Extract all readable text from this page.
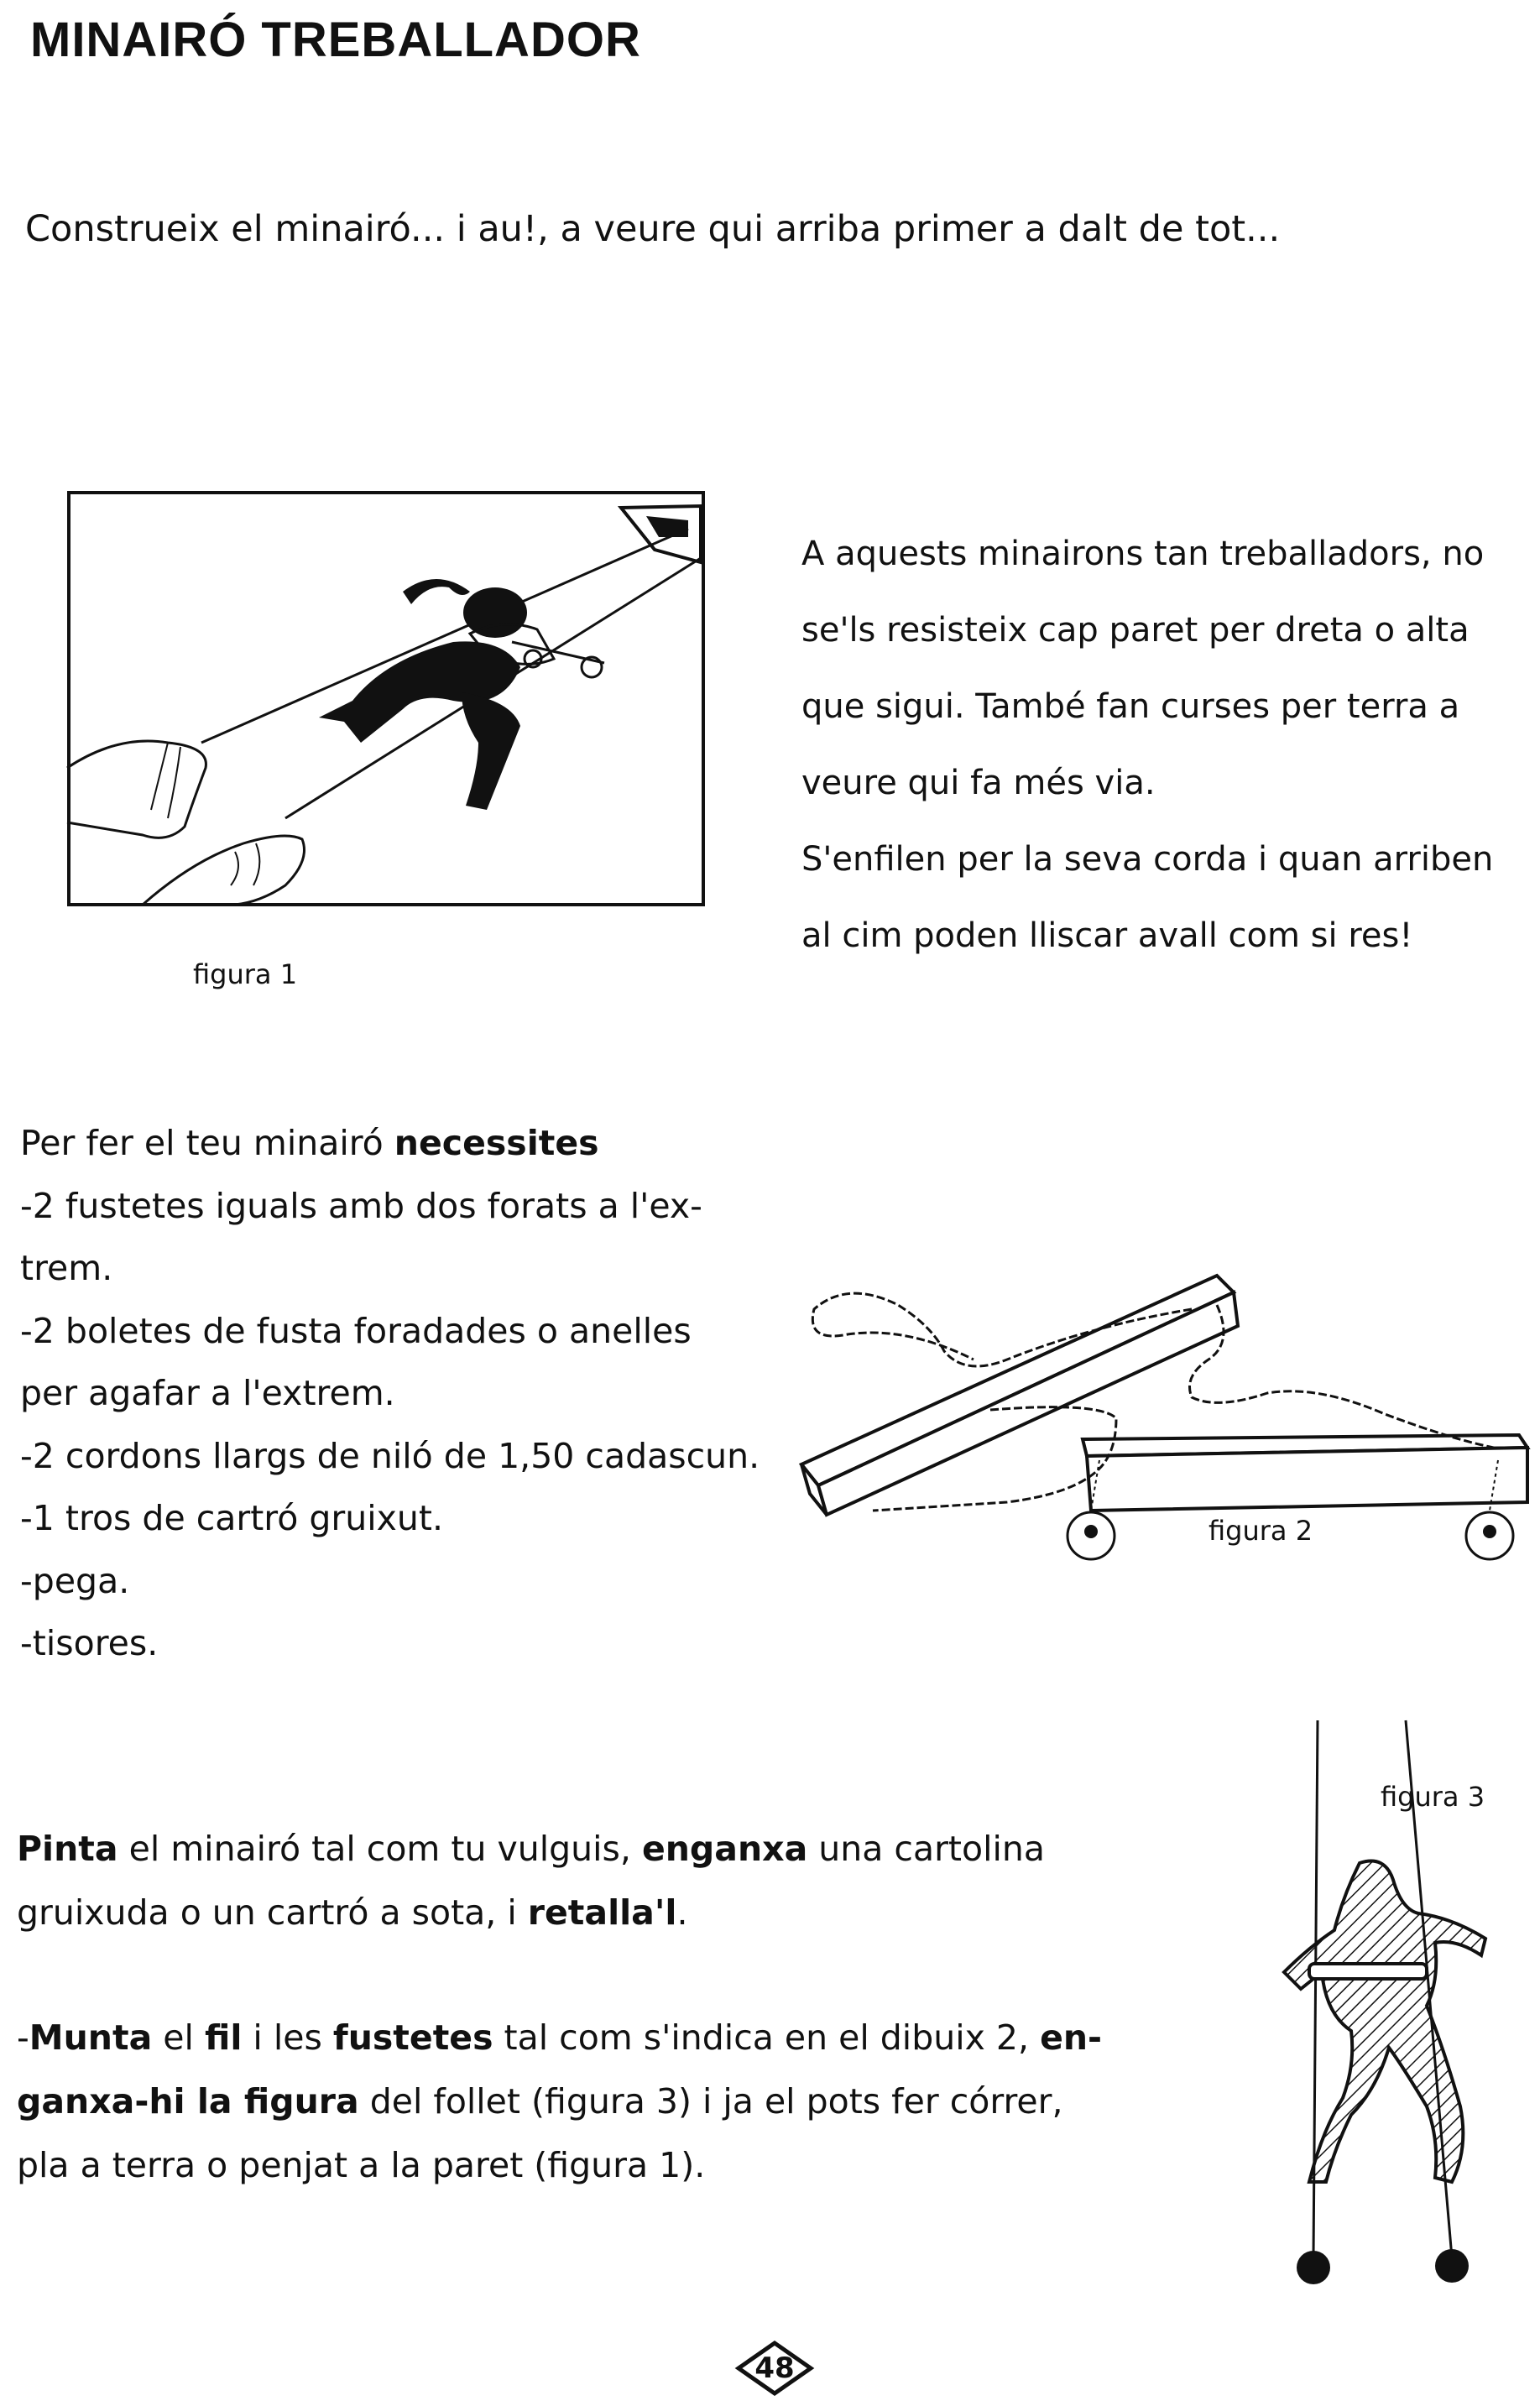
MINAIRÓ TREBALLADOR
Construeix el minairó... i au!, a veure qui arriba primer a dalt de tot...
figura 1
A aquests minairons tan treballadors, no
se'ls resisteix cap paret per dreta o alta
que sigui. També fan curses per terra a
veure qui fa més via.
S'enfilen per la seva corda i quan arriben
al cim poden lliscar avall com si res!
Per fer el teu minairó necessites
-2 fustetes iguals amb dos forats a l'ex-
trem.
-2 boletes de fusta foradades o anelles
per agafar a l'extrem.
-2 cordons llargs de niló de 1,50 cadascun.
-1 tros de cartró gruixut.
-pega.
-tisores.
figura 2
Pinta el minairó tal com tu vulguis, enganxa una cartolina
gruixuda o un cartró a sota, i retalla'l.
-Munta el fil i les fustetes tal com s'indica en el dibuix 2, en-
ganxa-hi la figura del follet (figura 3) i ja el pots fer córrer,
pla a terra o penjat a la paret (figura 1).
figura 3
48
